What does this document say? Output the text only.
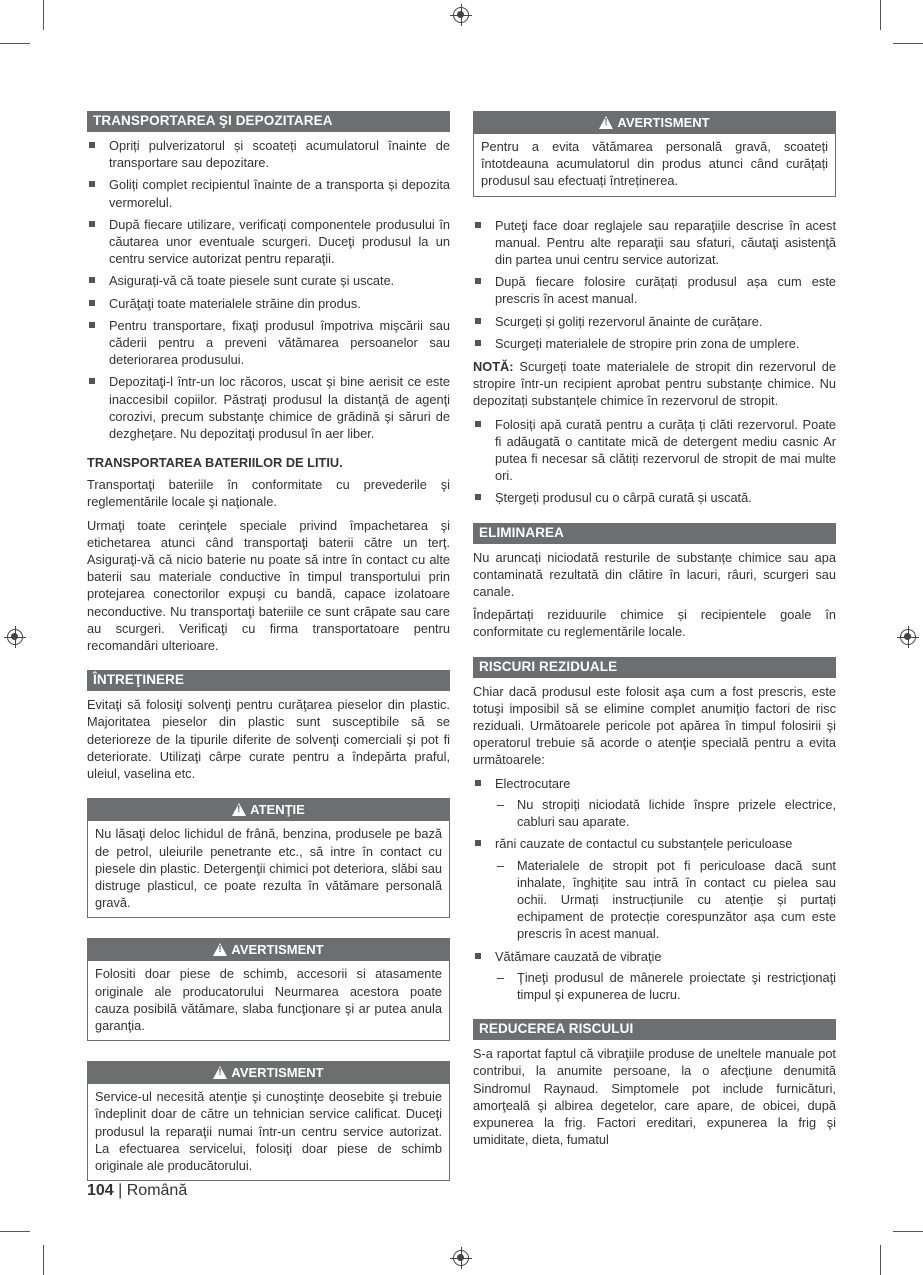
TRANSPORTAREA ŞI DEPOZITAREA
Opriți pulverizatorul și scoateți acumulatorul înainte de transportare sau depozitare.
Goliți complet recipientul înainte de a transporta și depozita vermorelul.
După fiecare utilizare, verificați componentele produsului în căutarea unor eventuale scurgeri. Duceţi produsul la un centru service autorizat pentru reparaţii.
Asigurați-vă că toate piesele sunt curate și uscate.
Curăţaţi toate materialele străine din produs.
Pentru transportare, fixaţi produsul împotriva mişcării sau căderii pentru a preveni vătămarea persoanelor sau deteriorarea produsului.
Depozitaţi-l într-un loc răcoros, uscat şi bine aerisit ce este inaccesibil copiilor. Păstraţi produsul la distanţă de agenţi corozivi, precum substanţe chimice de grădină şi săruri de dezgheţare. Nu depozitaţi produsul în aer liber.
TRANSPORTAREA BATERIILOR DE LITIU.

Transportaţi bateriile în conformitate cu prevederile şi reglementările locale şi naţionale.

Urmaţi toate cerinţele speciale privind împachetarea şi etichetarea atunci când transportaţi baterii către un terţ. Asiguraţi-vă că nicio baterie nu poate să intre în contact cu alte baterii sau materiale conductive în timpul transportului prin protejarea conectorilor expuşi cu bandă, capace izolatoare neconductive. Nu transportaţi bateriile ce sunt crăpate sau care au scurgeri. Verificaţi cu firma transportatoare pentru recomandări ulterioare.

ÎNTREŢINERE

Evitaţi să folosiţi solvenţi pentru curăţarea pieselor din plastic. Majoritatea pieselor din plastic sunt susceptibile să se deterioreze de la tipurile diferite de solvenţi comerciali şi pot fi deteriorate. Utilizaţi cârpe curate pentru a îndepărta praful, uleiul, vaselina etc.

!ATENŢIE
Nu lăsaţi deloc lichidul de frână, benzina, produsele pe bază de petrol, uleiurile penetrante etc., să intre în contact cu piesele din plastic. Detergenţii chimici pot deteriora, slăbi sau distruge plasticul, ce poate rezulta în vătămare personală gravă.
!AVERTISMENT
Folositi doar piese de schimb, accesorii si atasamente originale ale producatorului Neurmarea acestora poate cauza posibilă vătămare, slaba funcţionare şi ar putea anula garanţia.
!AVERTISMENT
Service-ul necesită atenţie şi cunoştinţe deosebite şi trebuie îndeplinit doar de către un tehnician service calificat. Duceţi produsul la reparaţii numai într-un centru service autorizat. La efectuarea servicelui, folosiţi doar piese de schimb originale ale producătorului.
!AVERTISMENT
Pentru a evita vătămarea personală gravă, scoateți întotdeauna acumulatorul din produs atunci când curățați produsul sau efectuați întreținerea.
Puteţi face doar reglajele sau reparaţiile descrise în acest manual. Pentru alte reparaţii sau sfaturi, căutaţi asistenţă din partea unui centru service autorizat.
După fiecare folosire curățați produsul așa cum este prescris în acest manual.
Scurgeți și goliți rezervorul ănainte de curățare.
Scurgeți materialele de stropire prin zona de umplere.

NOTĂ: Scurgeți toate materialele de stropit din rezervorul de stropire într-un recipient aprobat pentru substanțe chimice. Nu depozitați substanțele chimice în rezervorul de stropit.

Folosiți apă curată pentru a curăța ți clăti rezervorul. Poate fi adăugată o cantitate mică de detergent mediu casnic Ar putea fi necesar să clătiți rezervorul de stropit de mai multe ori.
Ștergeți produsul cu o cârpă curată și uscată.
ELIMINAREA

Nu aruncați niciodată resturile de substanțe chimice sau apa contaminată rezultată din clătire în lacuri, râuri, scurgeri sau canale.

Îndepărtați reziduurile chimice și recipientele goale în conformitate cu reglementările locale.

RISCURI REZIDUALE

Chiar dacă produsul este folosit aşa cum a fost prescris, este totuşi imposibil să se elimine complet anumiţio factori de risc reziduali. Următoarele pericole pot apărea în timpul folosirii şi operatorul trebuie să acorde o atenţie specială pentru a evita următoarele:

Electrocutare
– Nu stropiți niciodată lichide înspre prizele electrice, cabluri sau aparate.
răni cauzate de contactul cu substanțele periculoase
– Materialele de stropit pot fi periculoase dacă sunt inhalate, înghițite sau intră în contact cu pielea sau ochii. Urmați instrucțiunile cu atenție și purtați echipament de protecție corespunzător așa cum este prescris în acest manual.
Vătămare cauzată de vibraţie
– Ţineţi produsul de mânerele proiectate şi restricţionaţi timpul şi expunerea de lucru.
REDUCEREA RISCULUI

S-a raportat faptul că vibraţiile produse de uneltele manuale pot contribui, la anumite persoane, la o afecţiune denumită Sindromul Raynaud. Simptomele pot include furnicături, amorţeală şi albirea degetelor, care apare, de obicei, după expunerea la frig. Factori ereditari, expunerea la frig şi umiditate, dieta, fumatul

104 | Română
